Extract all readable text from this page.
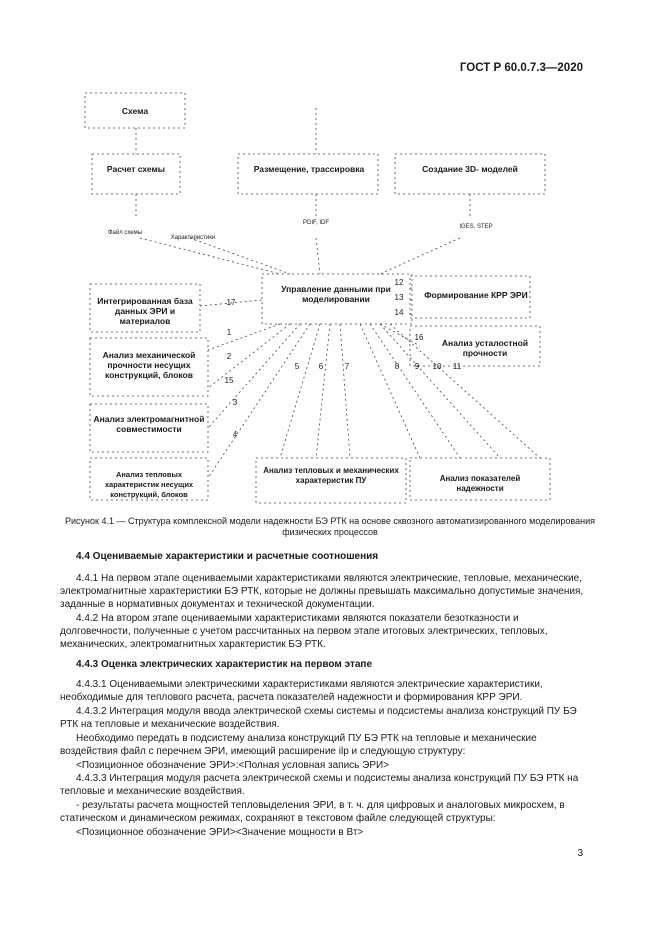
ГОСТ Р 60.0.7.3—2020
Схема
Расчет схемы	Размещение, трассировка	Создание 3D- моделей
Файл схемы
Характеристики
PDIF, IDF
IGES, STEP
Интегрированная база данных ЭРИ и материалов
Управление данными при моделировании	Формирование КРР ЭРИ
Анализ усталостной прочности
Анализ механической прочности несущих конструкций, блоков
Анализ электромагнитной совместимости
Анализ тепловых характеристик несущих конструкций, блоков
Анализ тепловых и механических характеристик ПУ	Анализ показателей надежности
17
1
2
15
3
4
5	6	7	8	9	10	11
12
13
14
16
Рисунок 4.1 — Структура комплексной модели надежности БЭ РТК на основе сквозного автоматизированного моделирования физических процессов

4.4 Оцениваемые характеристики и расчетные соотношения

4.4.1 На первом этапе оцениваемыми характеристиками являются электрические, тепловые, механические, электромагнитные характеристики БЭ РТК, которые не должны превышать максимально допустимые значения, заданные в нормативных документах и технической документации.

4.4.2 На втором этапе оцениваемыми характеристиками являются показатели безотказности и долговечности, полученные с учетом рассчитанных на первом этапе итоговых электрических, тепловых, механических, электромагнитных характеристик БЭ РТК.

4.4.3 Оценка электрических характеристик на первом этапе

4.4.3.1 Оцениваемыми электрическими характеристиками являются электрические характеристики, необходимые для теплового расчета, расчета показателей надежности и формирования КРР ЭРИ.

4.4.3.2 Интеграция модуля ввода электрической схемы системы и подсистемы анализа конструкций ПУ БЭ РТК на тепловые и механические воздействия.

Необходимо передать в подсистему анализа конструкций ПУ БЭ РТК на тепловые и механические воздействия файл с перечнем ЭРИ, имеющий расширение ilp и следующую структуру:

<Позиционное обозначение ЭРИ>:<Полная условная запись ЭРИ>

4.4.3.3 Интеграция модуля расчета электрической схемы и подсистемы анализа конструкций ПУ БЭ РТК на тепловые и механические воздействия.

- результаты расчета мощностей тепловыделения ЭРИ, в т. ч. для цифровых и аналоговых микросхем, в статическом и динамическом режимах, сохраняют в текстовом файле следующей структуры:

<Позиционное обозначение ЭРИ><Значение мощности в Вт>

3
